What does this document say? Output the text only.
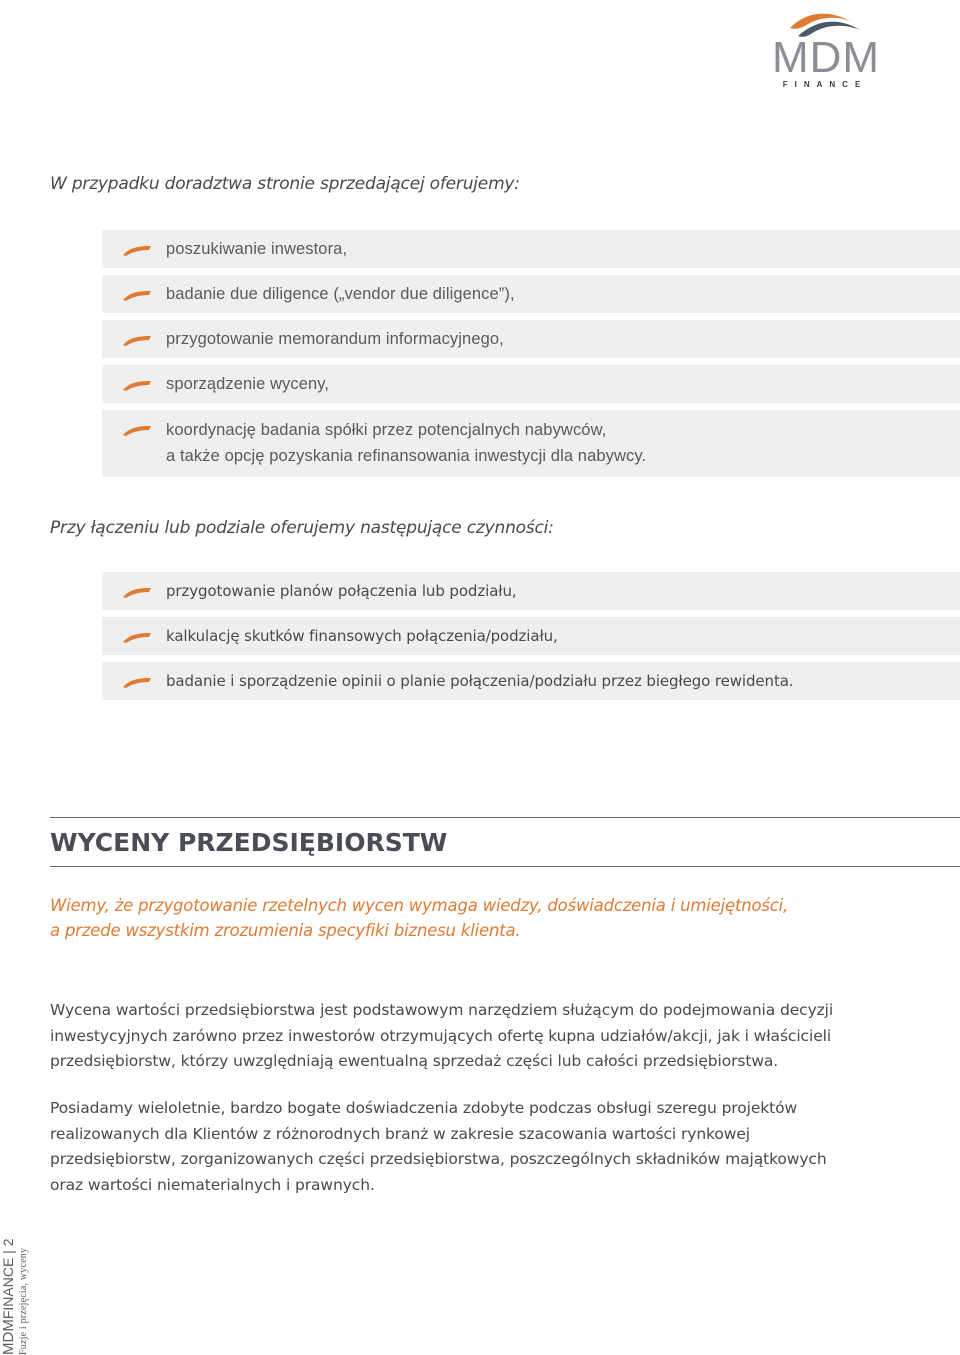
MDM
FINANCE

W przypadku doradztwa stronie sprzedającej oferujemy:

poszukiwanie inwestora,
badanie due diligence („vendor due diligence”),
przygotowanie memorandum informacyjnego,
sporządzenie wyceny,
koordynację badania spółki przez potencjalnych nabywców,
a także opcję pozyskania refinansowania inwestycji dla nabywcy.

Przy łączeniu lub podziale oferujemy następujące czynności:

przygotowanie planów połączenia lub podziału,
kalkulację skutków finansowych połączenia/podziału,
badanie i sporządzenie opinii o planie połączenia/podziału przez biegłego rewidenta.
WYCENY PRZEDSIĘBIORSTW

Wiemy, że przygotowanie rzetelnych wycen wymaga wiedzy, doświadczenia i umiejętności,
a przede wszystkim zrozumienia specyfiki biznesu klienta.

Wycena wartości przedsiębiorstwa jest podstawowym narzędziem służącym do podejmowania decyzji
inwestycyjnych zarówno przez inwestorów otrzymujących ofertę kupna udziałów/akcji, jak i właścicieli
przedsiębiorstw, którzy uwzględniają ewentualną sprzedaż części lub całości przedsiębiorstwa.

Posiadamy wieloletnie, bardzo bogate doświadczenia zdobyte podczas obsługi szeregu projektów
realizowanych dla Klientów z różnorodnych branż w zakresie szacowania wartości rynkowej
przedsiębiorstw, zorganizowanych części przedsiębiorstwa, poszczególnych składników majątkowych
oraz wartości niematerialnych i prawnych.

MDMFINANCE | 2
Fuzje i przejęcia, wyceny
